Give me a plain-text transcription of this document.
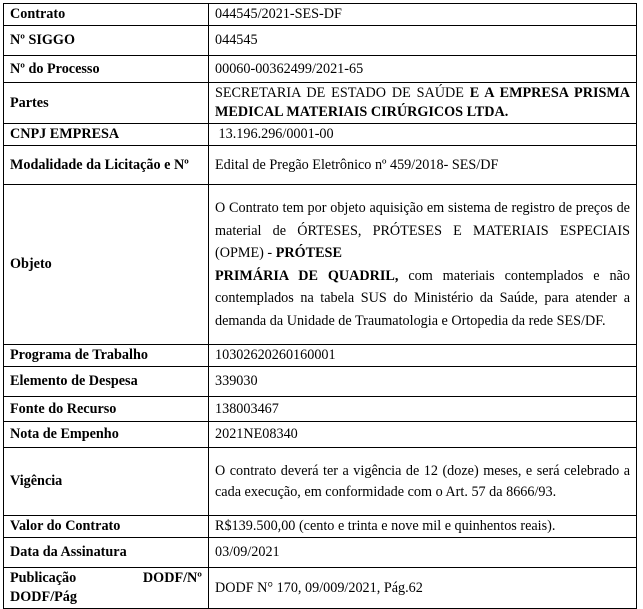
Contrato	044545/2021-SES-DF
Nº SIGGO	044545
Nº do Processo	00060-00362499/2021-65
Partes	SECRETARIA DE ESTADO DE SAÚDE E A EMPRESA PRISMA MEDICAL MATERIAIS CIRÚRGICOS LTDA.
CNPJ EMPRESA	13.196.296/0001-00
Modalidade da Licitação e Nº	Edital de Pregão Eletrônico nº 459/2018- SES/DF
Objeto	O Contrato tem por objeto aquisição em sistema de registro de preços de material de ÓRTESES, PRÓTESES E MATERIAIS ESPECIAIS (OPME) - PRÓTESE
PRIMÁRIA DE QUADRIL, com materiais contemplados e não contemplados na tabela SUS do Ministério da Saúde, para atender a demanda da Unidade de Traumatologia e Ortopedia da rede SES/DF.
Programa de Trabalho	10302620260160001
Elemento de Despesa	339030
Fonte do Recurso	138003467
Nota de Empenho	2021NE08340
Vigência	O contrato deverá ter a vigência de 12 (doze) meses, e será celebrado a cada execução, em conformidade com o Art. 57 da 8666/93.
Valor do Contrato	R$139.500,00 (cento e trinta e nove mil e quinhentos reais).
Data da Assinatura	03/09/2021
Publicação DODF/Nº DODF/Pág	DODF N° 170, 09/009/2021, Pág.62
